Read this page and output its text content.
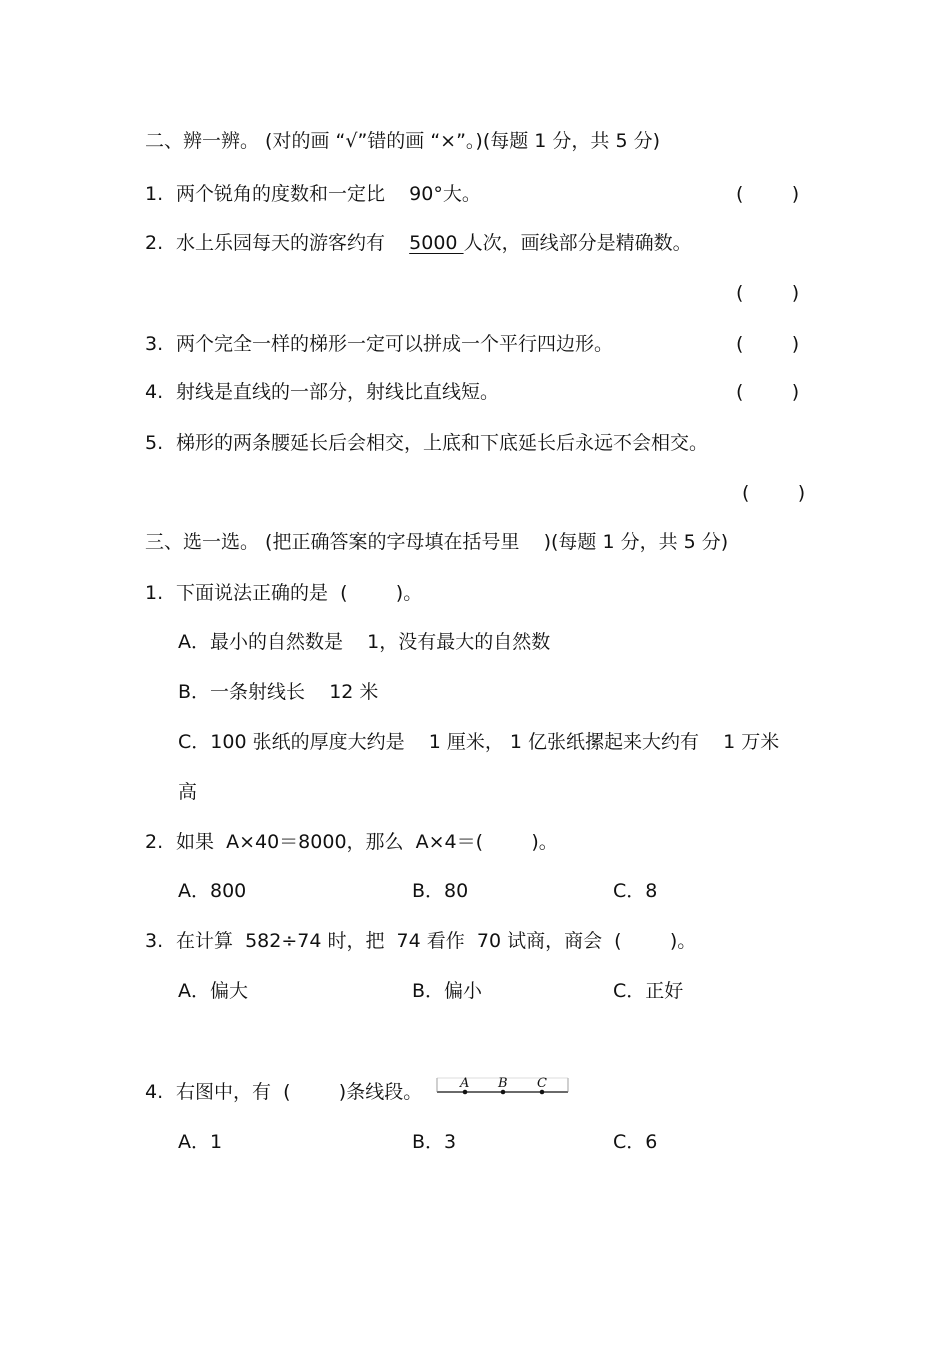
二、辨一辨。 (对的画 “√”错的画 “×”。)(每题 1 分，共 5 分)
1. 两个锐角的度数和一定比    90°大。	(        )
2. 水上乐园每天的游客约有    5000 人次，画线部分是精确数。
(        )
3. 两个完全一样的梯形一定可以拼成一个平行四边形。	(        )
4. 射线是直线的一部分，射线比直线短。	(        )
5. 梯形的两条腰延长后会相交，上底和下底延长后永远不会相交。
(        )
三、选一选。 (把正确答案的字母填在括号里    )(每题 1 分，共 5 分)
1. 下面说法正确的是  (        )。
A．最小的自然数是    1，没有最大的自然数
B．一条射线长    12 米
C．100 张纸的厚度大约是    1 厘米， 1 亿张纸摞起来大约有    1 万米
高
2. 如果  A×40＝8000，那么  A×4＝(        )。
A．800	B．80	C．8
3. 在计算  582÷74 时，把  74 看作  70 试商，商会  (        )。
A．偏大	B．偏小	C．正好
4. 右图中，有  (        )条线段。	A B C
A．1	B．3	C．6
